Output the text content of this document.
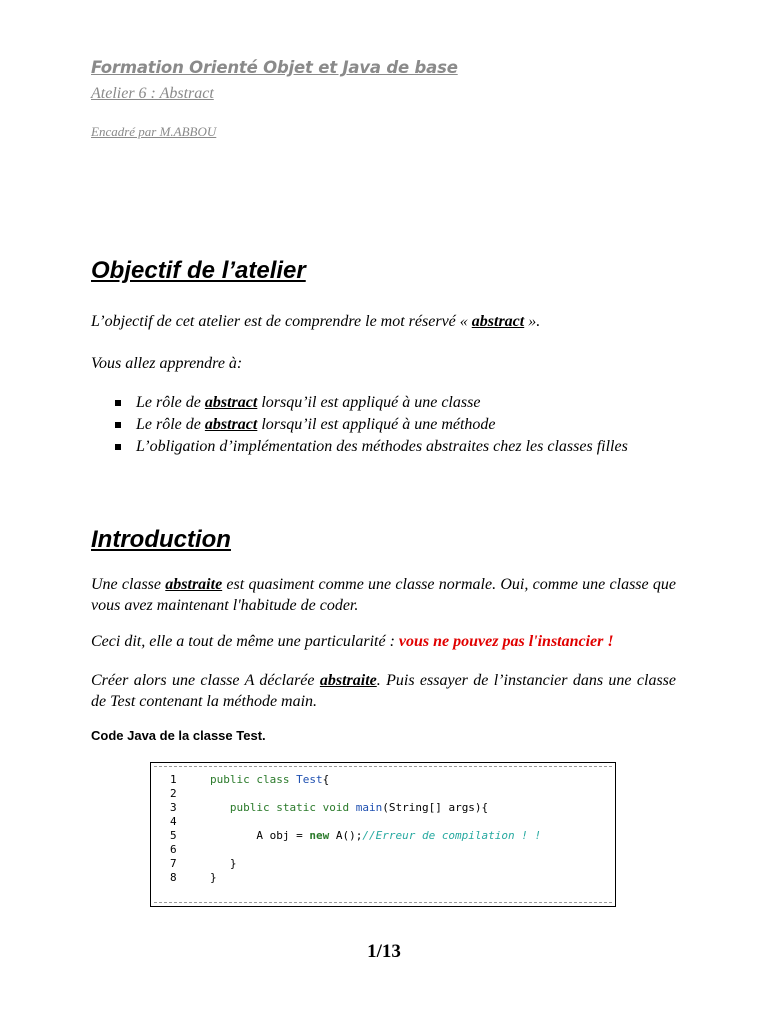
Formation Orienté Objet et Java de base
Atelier 6 : Abstract
Encadré par M.ABBOU
Objectif de l’atelier
L’objectif de cet atelier est de comprendre le mot réservé « abstract ».
Vous allez apprendre à:
Le rôle de abstract lorsqu’il est appliqué à une classe
Le rôle de abstract lorsqu’il est appliqué à une méthode
L’obligation d’implémentation des méthodes abstraites chez les classes filles
Introduction
Une classe abstraite est quasiment comme une classe normale. Oui, comme une classe que vous avez maintenant l'habitude de coder.
Ceci dit, elle a tout de même une particularité : vous ne pouvez pas l'instancier !
Créer alors une classe A déclarée abstraite. Puis essayer de l’instancier dans une classe de Test contenant la méthode main.
Code Java de la classe Test.
1	public class Test{
2
3	public static void main(String[] args){
4
5	A obj = new A();//Erreur de compilation ! !
6
7	}
8	}
1/13
